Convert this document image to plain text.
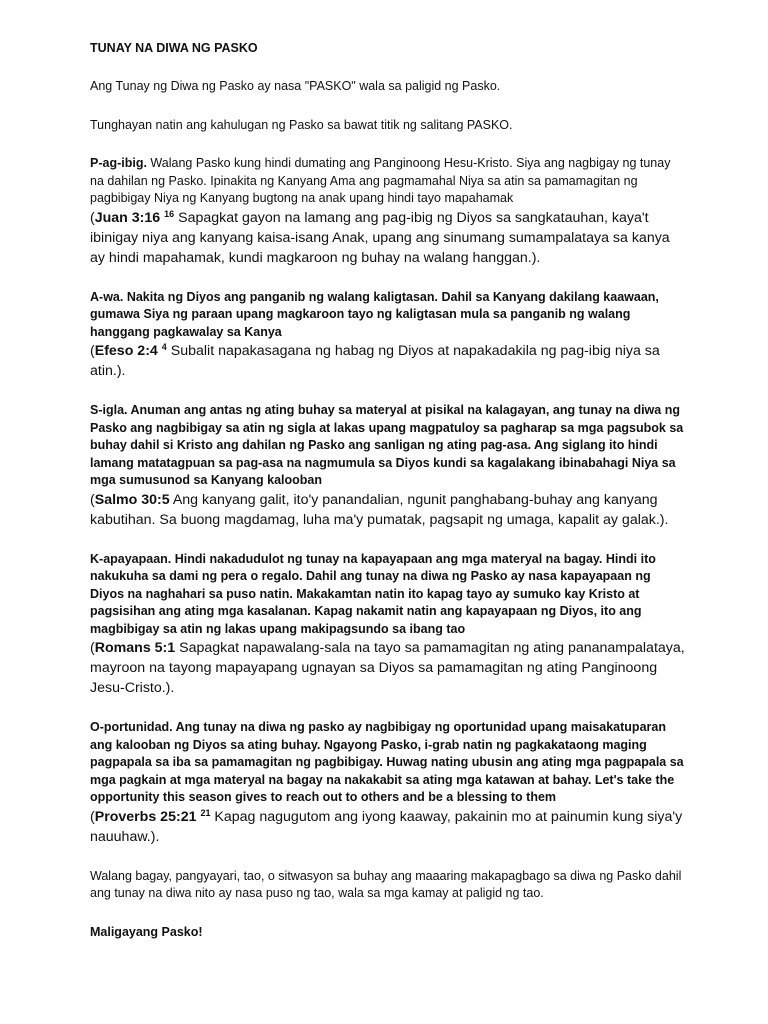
TUNAY NA DIWA NG PASKO

Ang Tunay ng Diwa ng Pasko ay nasa "PASKO" wala sa paligid ng Pasko.

Tunghayan natin ang kahulugan ng Pasko sa bawat titik ng salitang PASKO.

P-ag-ibig. Walang Pasko kung hindi dumating ang Panginoong Hesu-Kristo. Siya ang nagbigay ng tunay na dahilan ng Pasko. Ipinakita ng Kanyang Ama ang pagmamahal Niya sa atin sa pamamagitan ng pagbibigay Niya ng Kanyang bugtong na anak upang hindi tayo mapahamak

(Juan 3:16 $^{16}$ Sapagkat gayon na lamang ang pag-ibig ng Diyos sa sangkatauhan, kaya't ibinigay niya ang kanyang kaisa-isang Anak, upang ang sinumang sumampalataya sa kanya ay hindi mapahamak, kundi magkaroon ng buhay na walang hanggan.).

A-wa. Nakita ng Diyos ang panganib ng walang kaligtasan. Dahil sa Kanyang dakilang kaawaan, gumawa Siya ng paraan upang magkaroon tayo ng kaligtasan mula sa panganib ng walang hanggang pagkawalay sa Kanya

(Efeso 2:4 $^4$ Subalit napakasagana ng habag ng Diyos at napakadakila ng pag-ibig niya sa atin.).

S-igla. Anuman ang antas ng ating buhay sa materyal at pisikal na kalagayan, ang tunay na diwa ng Pasko ang nagbibigay sa atin ng sigla at lakas upang magpatuloy sa pagharap sa mga pagsubok sa buhay dahil si Kristo ang dahilan ng Pasko ang sanligan ng ating pag-asa. Ang siglang ito hindi lamang matatagpuan sa pag-asa na nagmumula sa Diyos kundi sa kagalakang ibinabahagi Niya sa mga sumusunod sa Kanyang kalooban

(Salmo 30:5 Ang kanyang galit, ito'y panandalian, ngunit panghabang-buhay ang kanyang kabutihan. Sa buong magdamag, luha ma'y pumatak, pagsapit ng umaga, kapalit ay galak.).

K-apayapaan. Hindi nakadudulot ng tunay na kapayapaan ang mga materyal na bagay. Hindi ito nakukuha sa dami ng pera o regalo. Dahil ang tunay na diwa ng Pasko ay nasa kapayapaan ng Diyos na naghahari sa puso natin. Makakamtan natin ito kapag tayo ay sumuko kay Kristo at pagsisihan ang ating mga kasalanan. Kapag nakamit natin ang kapayapaan ng Diyos, ito ang magbibigay sa atin ng lakas upang makipagsundo sa ibang tao

(Romans 5:1 Sapagkat napawalang-sala na tayo sa pamamagitan ng ating pananampalataya, mayroon na tayong mapayapang ugnayan sa Diyos sa pamamagitan ng ating Panginoong Jesu-Cristo.).

O-portunidad. Ang tunay na diwa ng pasko ay nagbibigay ng oportunidad upang maisakatuparan ang kalooban ng Diyos sa ating buhay. Ngayong Pasko, i-grab natin ng pagkakataong maging pagpapala sa iba sa pamamagitan ng pagbibigay. Huwag nating ubusin ang ating mga pagpapala sa mga pagkain at mga materyal na bagay na nakakabit sa ating mga katawan at bahay. Let's take the opportunity this season gives to reach out to others and be a blessing to them

(Proverbs 25:21 $^{21}$ Kapag nagugutom ang iyong kaaway, pakainin mo at painumin kung siya'y nauuhaw.).

Walang bagay, pangyayari, tao, o sitwasyon sa buhay ang maaaring makapagbago sa diwa ng Pasko dahil ang tunay na diwa nito ay nasa puso ng tao, wala sa mga kamay at paligid ng tao.

Maligayang Pasko!
